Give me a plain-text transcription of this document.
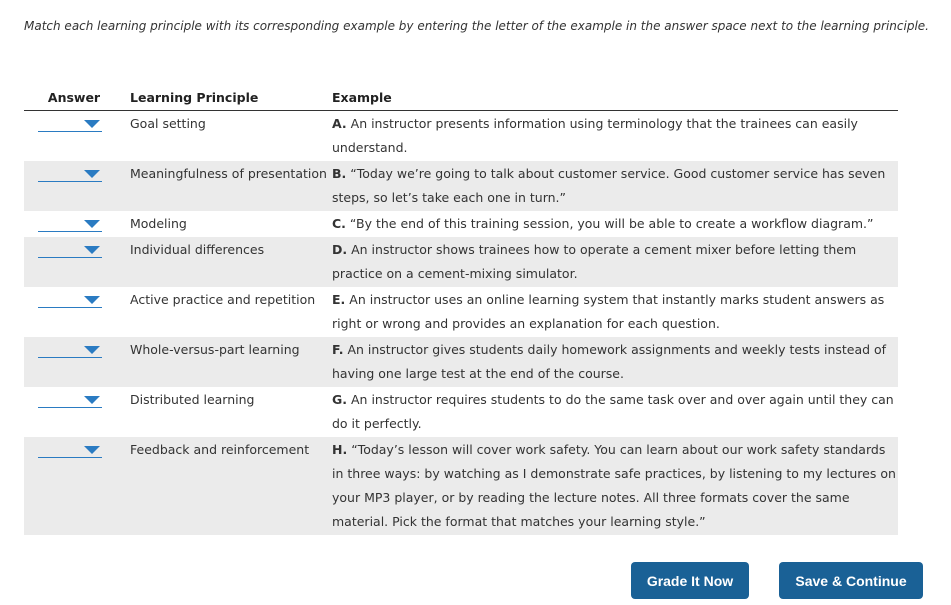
Match each learning principle with its corresponding example by entering the letter of the example in the answer space next to the learning principle.
Answer	Learning Principle	Example

	Goal setting	A. An instructor presents information using terminology that the trainees can easily understand.

	Meaningfulness of presentation	B. “Today we’re going to talk about customer service. Good customer service has seven steps, so let’s take each one in turn.”

	Modeling	C. “By the end of this training session, you will be able to create a workflow diagram.”

	Individual differences	D. An instructor shows trainees how to operate a cement mixer before letting them practice on a cement-mixing simulator.

	Active practice and repetition	E. An instructor uses an online learning system that instantly marks student answers as right or wrong and provides an explanation for each question.

	Whole-versus-part learning	F. An instructor gives students daily homework assignments and weekly tests instead of having one large test at the end of the course.

	Distributed learning	G. An instructor requires students to do the same task over and over again until they can do it perfectly.

	Feedback and reinforcement	H. “Today’s lesson will cover work safety. You can learn about our work safety standards in three ways: by watching as I demonstrate safe practices, by listening to my lectures on your MP3 player, or by reading the lecture notes. All three formats cover the same material. Pick the format that matches your learning style.”
Grade It Now	Save & Continue
